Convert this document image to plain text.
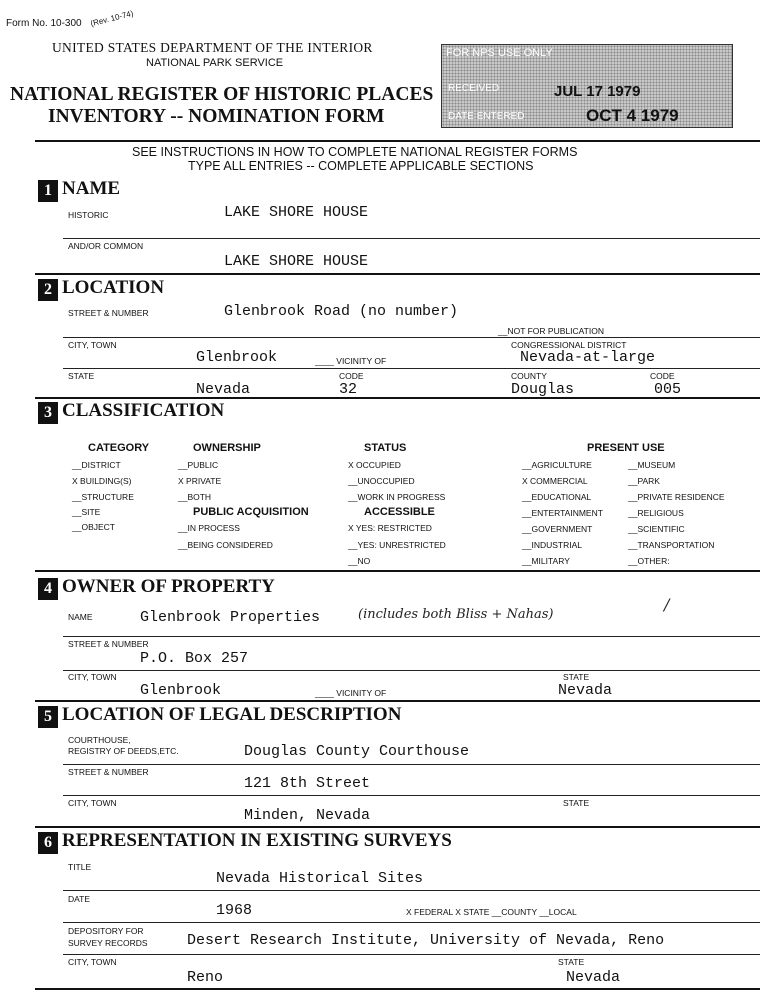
Form No. 10-300 (Rev. 10-74)
UNITED STATES DEPARTMENT OF THE INTERIOR
NATIONAL PARK SERVICE
NATIONAL REGISTER OF HISTORIC PLACES
INVENTORY -- NOMINATION FORM
FOR NPS USE ONLY
RECEIVED	JUL 17 1979
DATE ENTERED	OCT 4 1979
SEE INSTRUCTIONS IN HOW TO COMPLETE NATIONAL REGISTER FORMS
TYPE ALL ENTRIES -- COMPLETE APPLICABLE SECTIONS
1 NAME
HISTORIC	LAKE SHORE HOUSE
AND/OR COMMON
LAKE SHORE HOUSE
2 LOCATION
STREET & NUMBER	Glenbrook Road (no number)
__NOT FOR PUBLICATION
CITY, TOWN	CONGRESSIONAL DISTRICT
Glenbrook	____ VICINITY OF	Nevada-at-large
STATE	CODE	COUNTY	CODE
Nevada	32	Douglas	005
3 CLASSIFICATION
CATEGORY
__DISTRICT
X BUILDING(S)
__STRUCTURE
__SITE
__OBJECT
OWNERSHIP
__PUBLIC
X PRIVATE
__BOTH
PUBLIC ACQUISITION
__IN PROCESS
__BEING CONSIDERED
STATUS
X OCCUPIED
__UNOCCUPIED
__WORK IN PROGRESS
ACCESSIBLE
X YES: RESTRICTED
__YES: UNRESTRICTED
__NO
PRESENT USE
__AGRICULTURE
X COMMERCIAL
__EDUCATIONAL
__ENTERTAINMENT
__GOVERNMENT
__INDUSTRIAL
__MILITARY
__MUSEUM
__PARK
__PRIVATE RESIDENCE
__RELIGIOUS
__SCIENTIFIC
__TRANSPORTATION
__OTHER:
4 OWNER OF PROPERTY
NAME	Glenbrook Properties	(includes both Bliss + Nahas)
/
STREET & NUMBER
P.O. Box 257
CITY, TOWN	STATE
Glenbrook	____ VICINITY OF	Nevada
5 LOCATION OF LEGAL DESCRIPTION
COURTHOUSE,
REGISTRY OF DEEDS,ETC.	Douglas County Courthouse
STREET & NUMBER
121 8th Street
CITY, TOWN	STATE
Minden, Nevada
6 REPRESENTATION IN EXISTING SURVEYS
TITLE
Nevada Historical Sites
DATE
1968	X FEDERAL X STATE __COUNTY __LOCAL
DEPOSITORY FOR
SURVEY RECORDS	Desert Research Institute, University of Nevada, Reno
CITY, TOWN	STATE
Reno	Nevada
